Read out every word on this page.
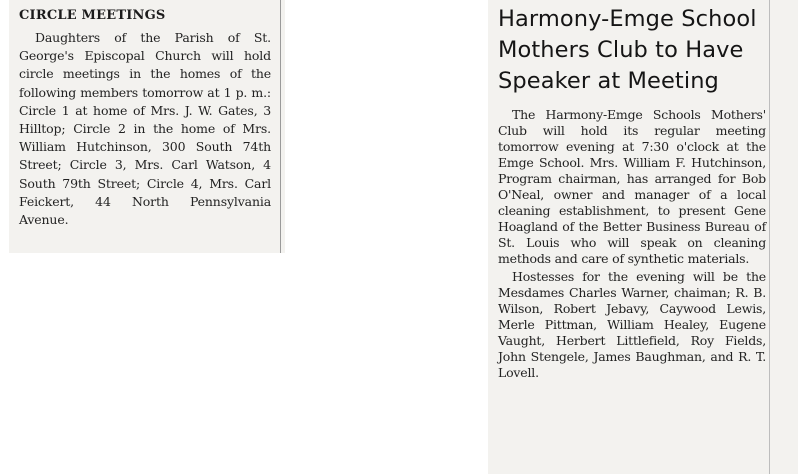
CIRCLE MEETINGS

Daughters of the Parish of St. George's Episcopal Church will hold circle meetings in the homes of the following members tomorrow at 1 p. m.: Circle 1 at home of Mrs. J. W. Gates, 3 Hilltop; Circle 2 in the home of Mrs. William Hutchinson, 300 South 74th Street; Circle 3, Mrs. Carl Watson, 4 South 79th Street; Circle 4, Mrs. Carl Feickert, 44 North Pennsylvania Avenue.

Harmony-Emge School Mothers Club to Have Speaker at Meeting

The Harmony-Emge Schools Mothers' Club will hold its regular meeting tomorrow evening at 7:30 o'clock at the Emge School. Mrs. William F. Hutchinson, Program chairman, has arranged for Bob O'Neal, owner and manager of a local cleaning establishment, to present Gene Hoagland of the Better Business Bureau of St. Louis who will speak on cleaning methods and care of synthetic materials.

Hostesses for the evening will be the Mesdames Charles Warner, chaiman; R. B. Wilson, Robert Jebavy, Caywood Lewis, Merle Pittman, William Healey, Eugene Vaught, Herbert Littlefield, Roy Fields, John Stengele, James Baughman, and R. T. Lovell.
